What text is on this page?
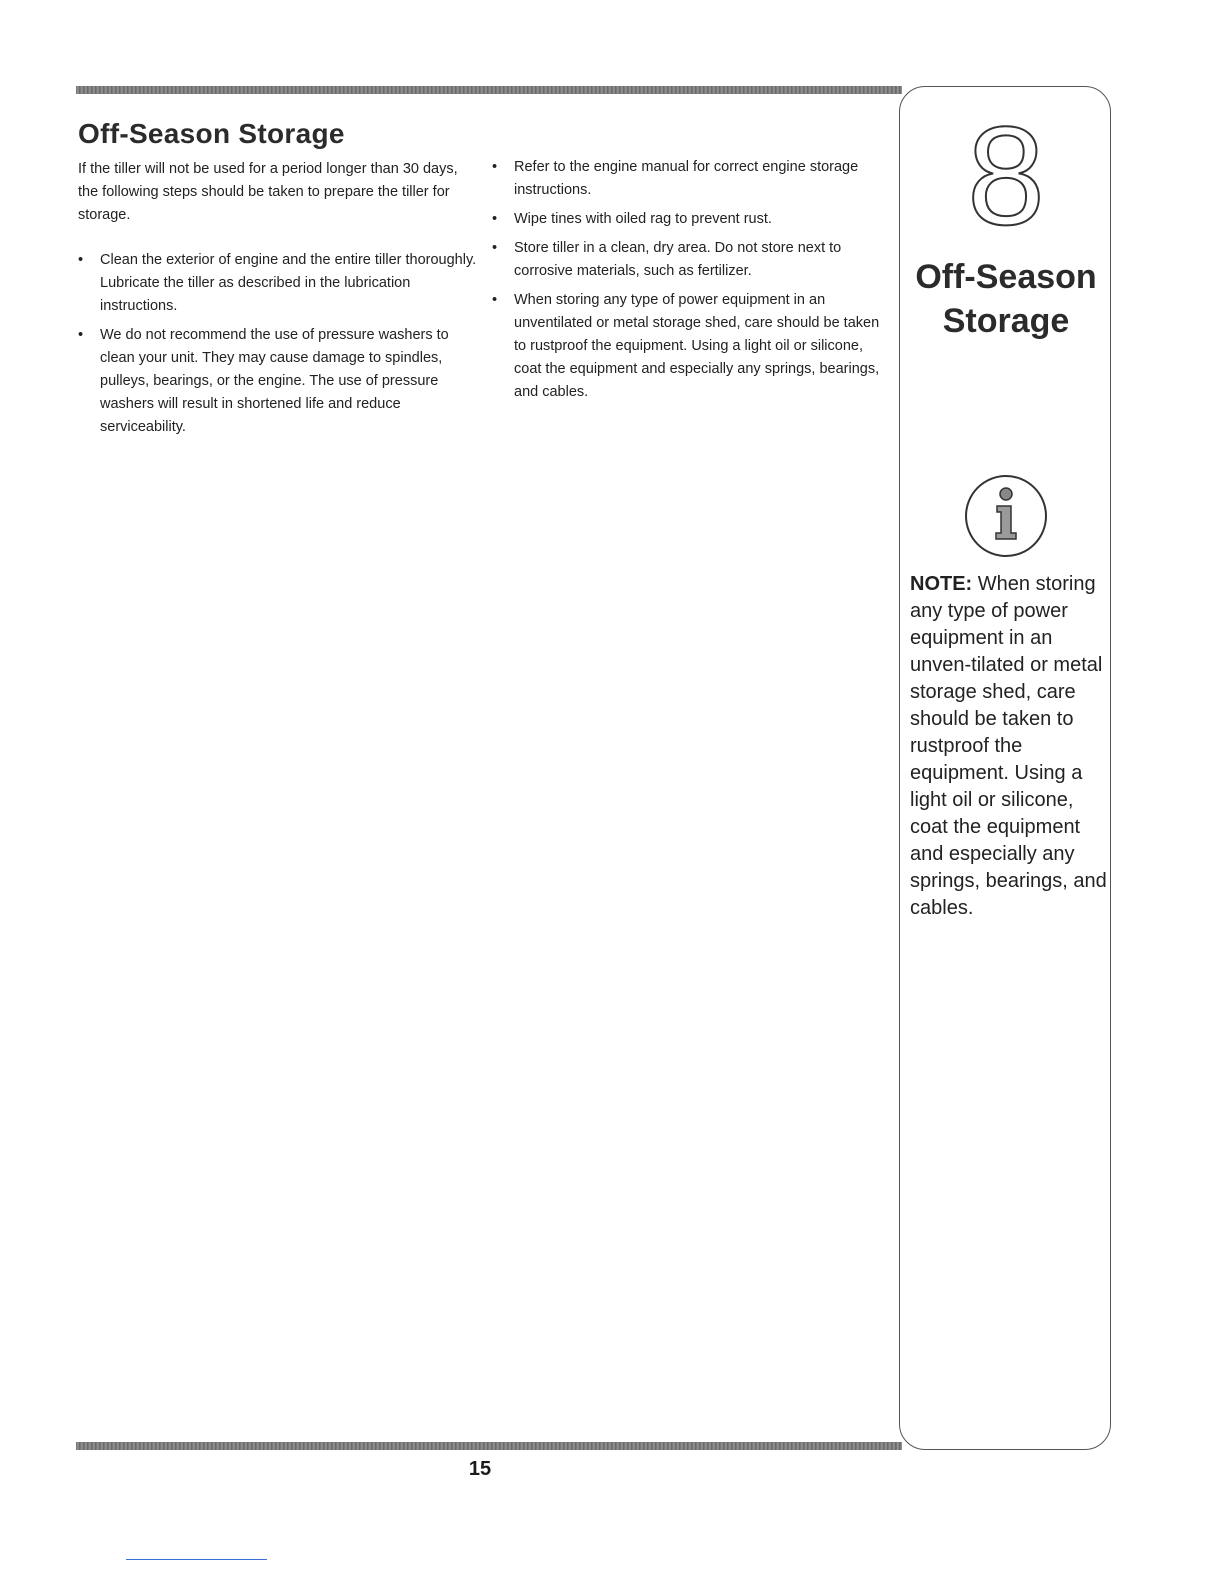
Off-Season Storage

If the tiller will not be used for a period longer than 30 days, the following steps should be taken to prepare the tiller for storage.

• Clean the exterior of engine and the entire tiller thoroughly. Lubricate the tiller as described in the lubrication instructions.
• We do not recommend the use of pressure washers to clean your unit. They may cause damage to spindles, pulleys, bearings, or the engine. The use of pressure washers will result in shortened life and reduce serviceability.
• Refer to the engine manual for correct engine storage instructions.
• Wipe tines with oiled rag to prevent rust.
• Store tiller in a clean, dry area. Do not store next to corrosive materials, such as fertilizer.
• When storing any type of power equipment in an unventilated or metal storage shed, care should be taken to rustproof the equipment. Using a light oil or silicone, coat the equipment and especially any springs, bearings, and cables.
8
Off-Season
Storage
NOTE: When storing any type of power equipment in an unven-tilated or metal storage shed, care should be taken to rustproof the equipment. Using a light oil or silicone, coat the equipment and especially any springs, bearings, and cables.
15
